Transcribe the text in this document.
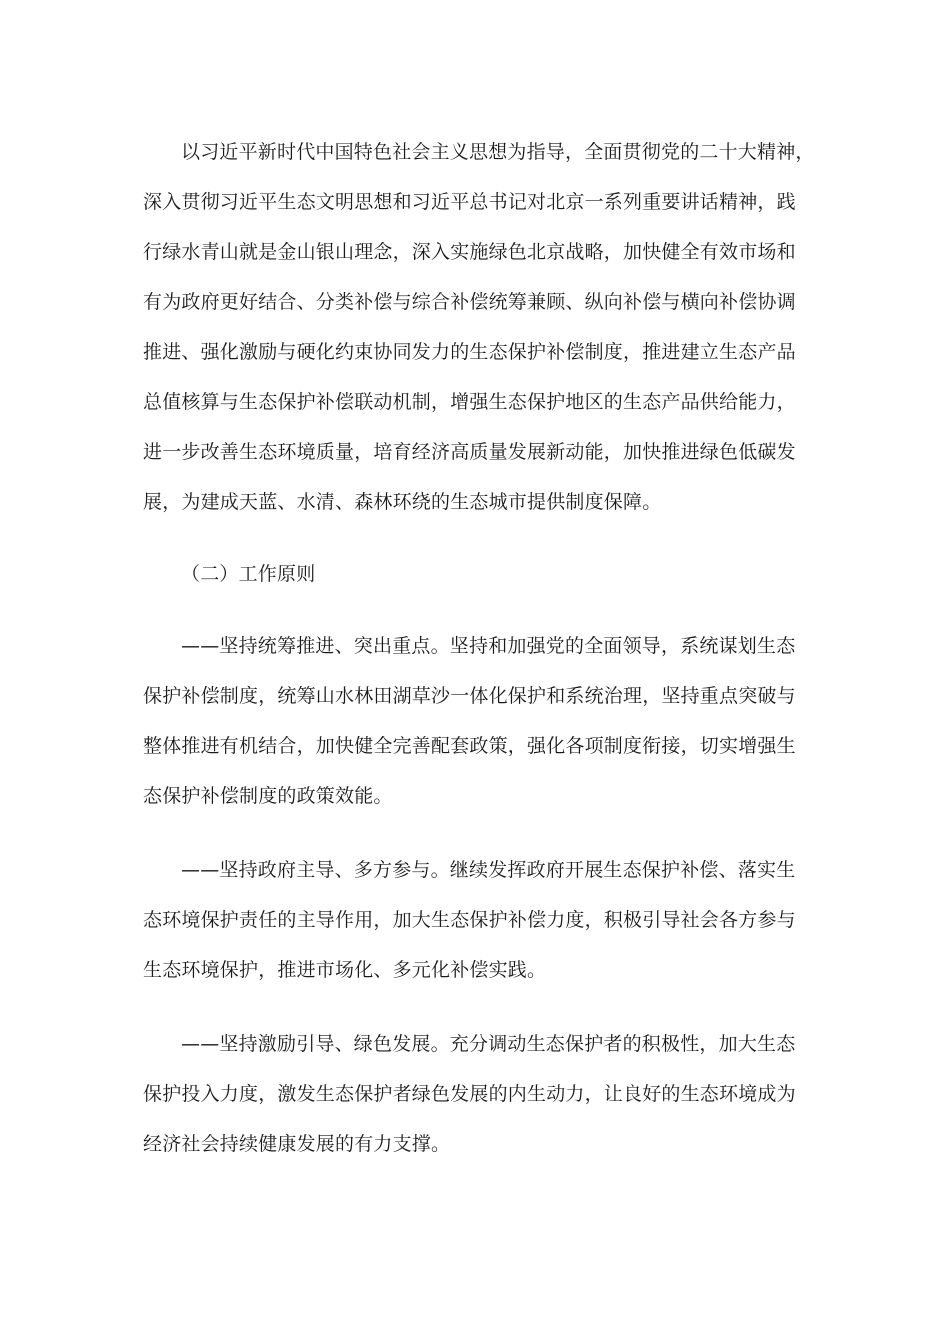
以习近平新时代中国特色社会主义思想为指导，全面贯彻党的二十大精神，
深入贯彻习近平生态文明思想和习近平总书记对北京一系列重要讲话精神，践
行绿水青山就是金山银山理念，深入实施绿色北京战略，加快健全有效市场和
有为政府更好结合、分类补偿与综合补偿统筹兼顾、纵向补偿与横向补偿协调
推进、强化激励与硬化约束协同发力的生态保护补偿制度，推进建立生态产品
总值核算与生态保护补偿联动机制，增强生态保护地区的生态产品供给能力，
进一步改善生态环境质量，培育经济高质量发展新动能，加快推进绿色低碳发
展，为建成天蓝、水清、森林环绕的生态城市提供制度保障。

（二）工作原则

——坚持统筹推进、突出重点。坚持和加强党的全面领导，系统谋划生态
保护补偿制度，统筹山水林田湖草沙一体化保护和系统治理，坚持重点突破与
整体推进有机结合，加快健全完善配套政策，强化各项制度衔接，切实增强生
态保护补偿制度的政策效能。

——坚持政府主导、多方参与。继续发挥政府开展生态保护补偿、落实生
态环境保护责任的主导作用，加大生态保护补偿力度，积极引导社会各方参与
生态环境保护，推进市场化、多元化补偿实践。

——坚持激励引导、绿色发展。充分调动生态保护者的积极性，加大生态
保护投入力度，激发生态保护者绿色发展的内生动力，让良好的生态环境成为
经济社会持续健康发展的有力支撑。
